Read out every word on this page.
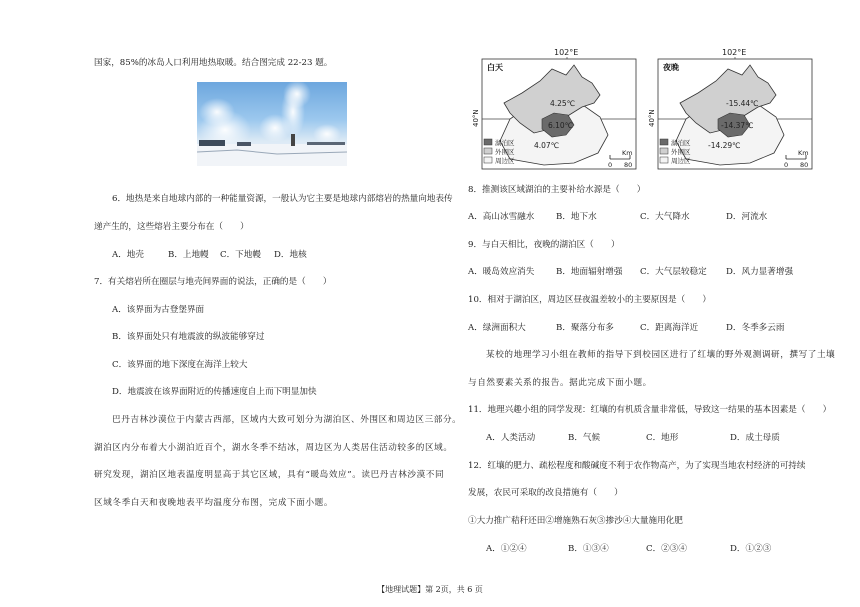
国家，85%的冰岛人口利用地热取暖。结合图完成 22-23 题。
6．地热是来自地球内部的一种能量资源，一般认为它主要是地球内部熔岩的热量向地表传
递产生的，这些熔岩主要分布在（　　）
A．地壳	B．上地幔 C．下地幔 D．地核
7．有关熔岩所在圈层与地壳间界面的说法，正确的是（　　）
A．该界面为古登堡界面
B．该界面处只有地震波的纵波能够穿过
C．该界面的地下深度在海洋上较大
D．地震波在该界面附近的传播速度自上而下明显加快
巴丹吉林沙漠位于内蒙古西部，区域内大致可划分为湖泊区、外围区和周边区三部分。
湖泊区内分布着大小湖泊近百个，湖水冬季不结冰，周边区为人类居住活动较多的区域。
研究发现，湖泊区地表温度明显高于其它区域，具有“暖岛效应”。读巴丹吉林沙漠不同
区域冬季白天和夜晚地表平均温度分布图，完成下面小题。
102°E
40°N
4.25℃
6.10℃
4.07℃
白天
湖泊区
外围区
周边区	0 80
Km
102°E
40°N
-15.44℃
-14.37℃
-14.29℃
夜晚
湖泊区
外围区
周边区	0 80
Km
8．推测该区域湖泊的主要补给水源是（　　）
A．高山冰雪融水	B．地下水	C．大气降水	D．河流水
9．与白天相比，夜晚的湖泊区（　　）
A．暖岛效应消失	B．地面辐射增强 C．大气层较稳定 D．风力显著增强
10．相对于湖泊区，周边区昼夜温差较小的主要原因是（　　）
A．绿洲面积大	B．聚落分布多	C．距离海洋近	D．冬季多云雨
某校的地理学习小组在教师的指导下到校园区进行了红壤的野外观测调研，撰写了土壤
与自然要素关系的报告。据此完成下面小题。
11．地理兴趣小组的同学发现：红壤的有机质含量非常低，导致这一结果的基本因素是（　　）
A．人类活动	B．气候	C．地形	D．成土母质
12．红壤的肥力、疏松程度和酸碱度不利于农作物高产，为了实现当地农村经济的可持续
发展，农民可采取的改良措施有（　　）
①大力推广秸秆还田②增施熟石灰③掺沙④大量施用化肥
A．①②④	B．①③④	C．②③④	D．①②③
【地理试题】第 2页，共 6 页
